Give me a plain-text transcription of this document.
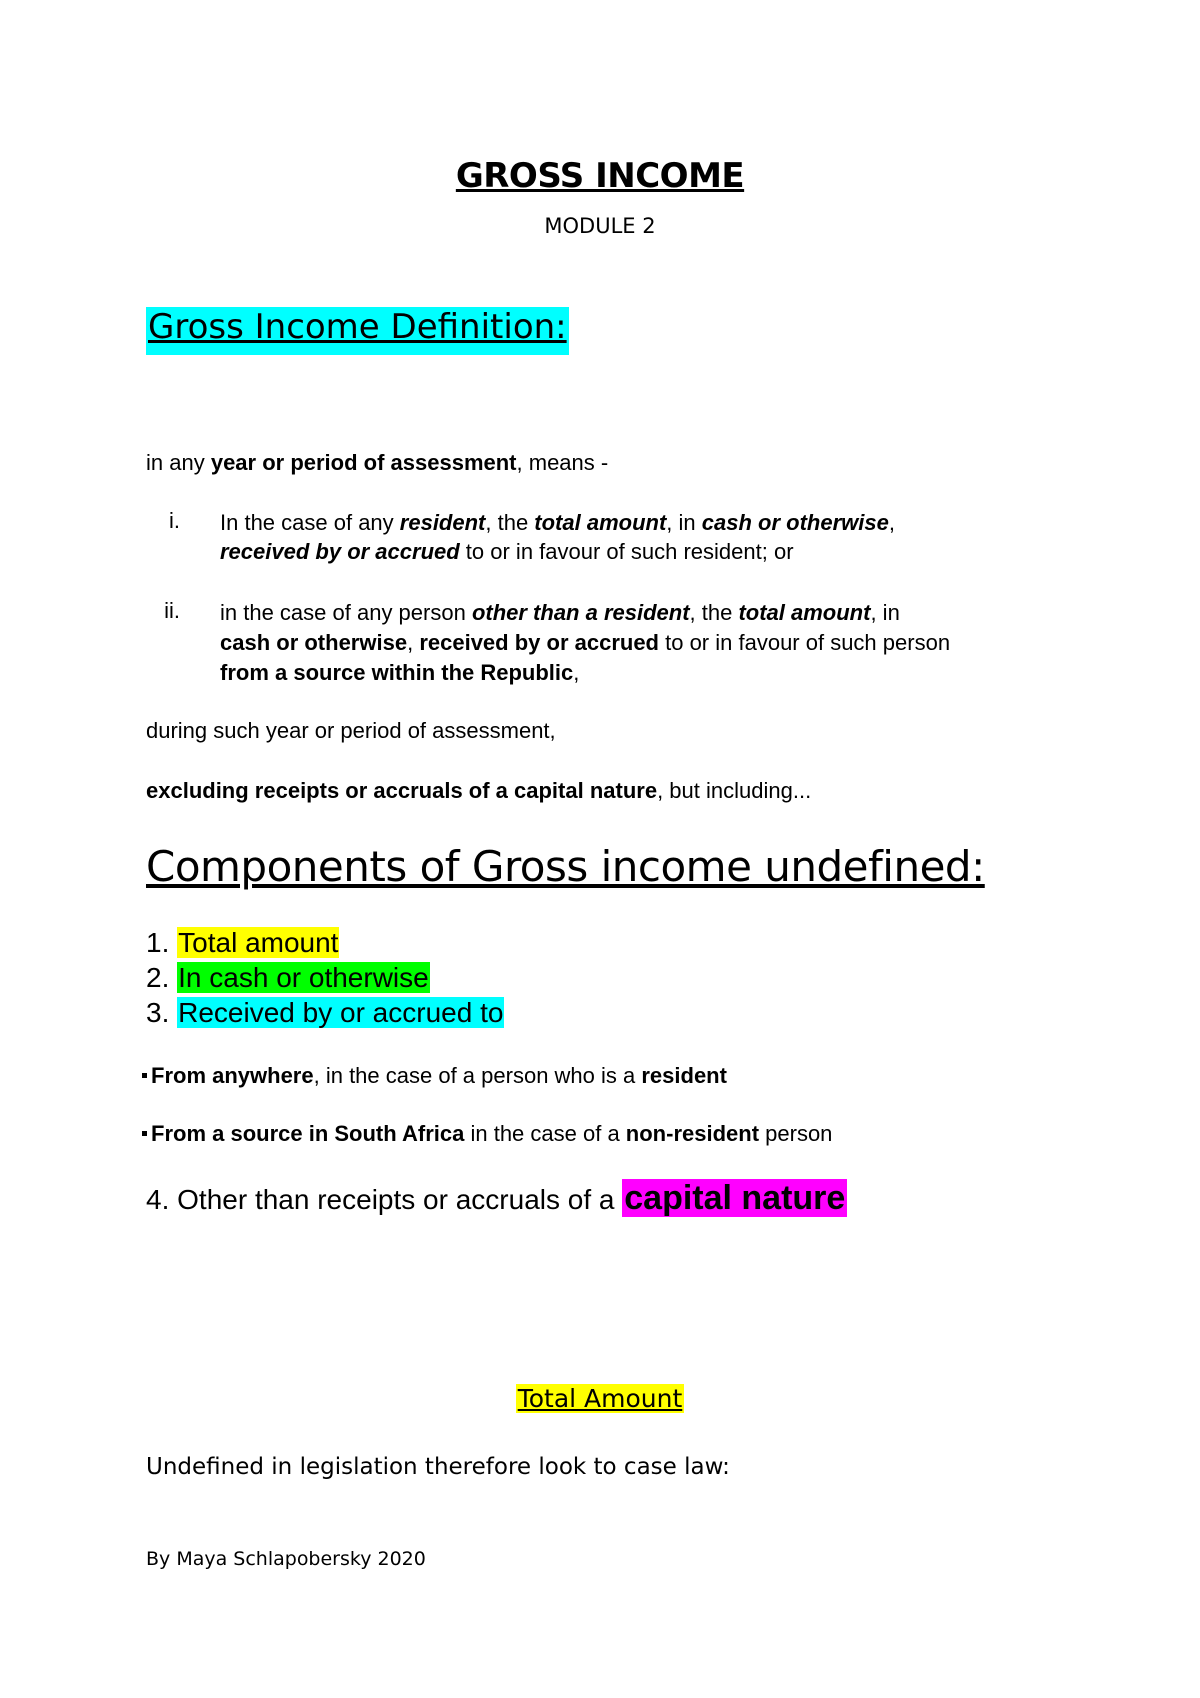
GROSS INCOME
MODULE 2
Gross Income Definition:
in any year or period of assessment, means -
i. In the case of any resident, the total amount, in cash or otherwise,
received by or accrued to or in favour of such resident; or
ii. in the case of any person other than a resident, the total amount, in
cash or otherwise, received by or accrued to or in favour of such person
from a source within the Republic,
during such year or period of assessment,
excluding receipts or accruals of a capital nature, but including...
Components of Gross income undefined:
1. Total amount
2. In cash or otherwise
3. Received by or accrued to
From anywhere, in the case of a person who is a resident
From a source in South Africa in the case of a non-resident person
4. Other than receipts or accruals of a capital nature
Total Amount
Undefined in legislation therefore look to case law:
By Maya Schlapobersky 2020
